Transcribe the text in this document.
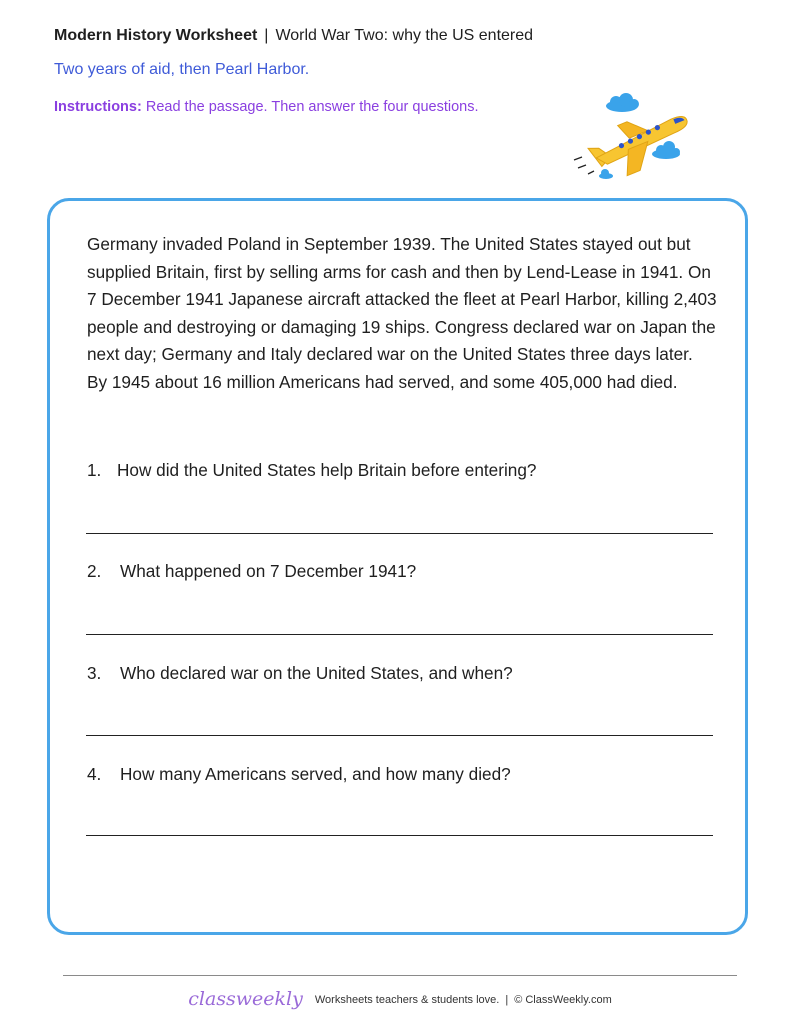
Modern History Worksheet | World War Two: why the US entered
Two years of aid, then Pearl Harbor.
Instructions: Read the passage. Then answer the four questions.
Germany invaded Poland in September 1939. The United States stayed out but supplied Britain, first by selling arms for cash and then by Lend-Lease in 1941. On 7 December 1941 Japanese aircraft attacked the fleet at Pearl Harbor, killing 2,403 people and destroying or damaging 19 ships. Congress declared war on Japan the next day; Germany and Italy declared war on the United States three days later. By 1945 about 16 million Americans had served, and some 405,000 had died.
1. How did the United States help Britain before entering?
2. What happened on 7 December 1941?
3. Who declared war on the United States, and when?
4. How many Americans served, and how many died?
classweekly Worksheets teachers & students love. | © ClassWeekly.com
